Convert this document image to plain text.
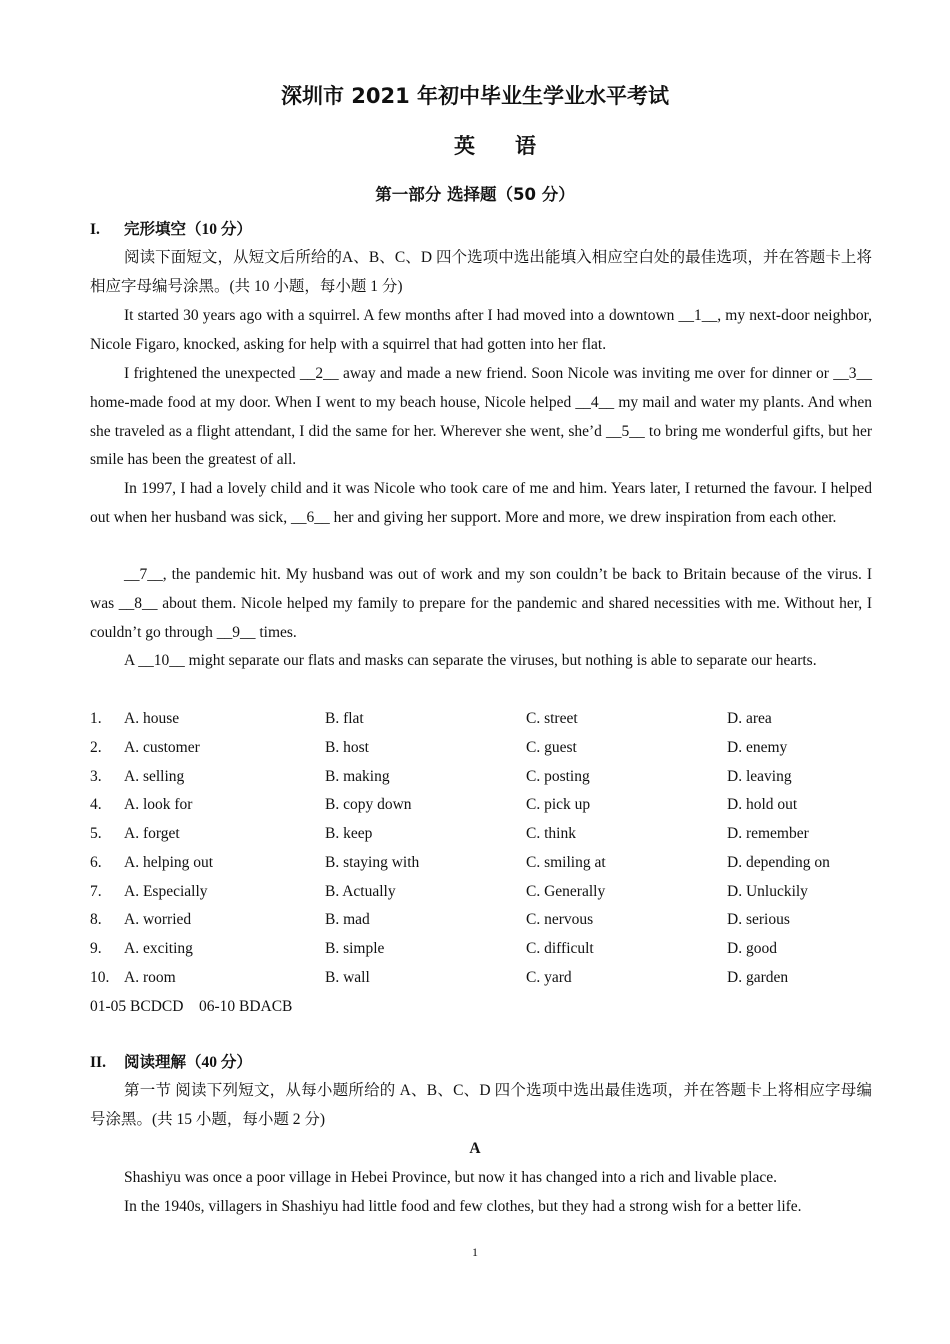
深圳市 2021 年初中毕业生学业水平考试
英语
第一部分 选择题（50 分）
I. 完形填空（10 分）
阅读下面短文，从短文后所给的A、B、C、D 四个选项中选出能填入相应空白处的最佳选项，并在答题卡上将相应字母编号涂黑。(共 10 小题，每小题 1 分)
It started 30 years ago with a squirrel. A few months after I had moved into a downtown __1__, my next-door neighbor, Nicole Figaro, knocked, asking for help with a squirrel that had gotten into her flat.
I frightened the unexpected __2__ away and made a new friend. Soon Nicole was inviting me over for dinner or __3__ home-made food at my door. When I went to my beach house, Nicole helped __4__ my mail and water my plants. And when she traveled as a flight attendant, I did the same for her. Wherever she went, she’d __5__ to bring me wonderful gifts, but her smile has been the greatest of all.
In 1997, I had a lovely child and it was Nicole who took care of me and him. Years later, I returned the favour. I helped out when her husband was sick, __6__ her and giving her support. More and more, we drew inspiration from each other.
__7__, the pandemic hit. My husband was out of work and my son couldn’t be back to Britain because of the virus. I was __8__ about them. Nicole helped my family to prepare for the pandemic and shared necessities with me. Without her, I couldn’t go through __9__ times.
A __10__ might separate our flats and masks can separate the viruses, but nothing is able to separate our hearts.
1. A. house	B. flat	C. street	D. area
2. A. customer	B. host	C. guest	D. enemy
3. A. selling	B. making	C. posting	D. leaving
4. A. look for	B. copy down	C. pick up	D. hold out
5. A. forget	B. keep	C. think	D. remember
6. A. helping out	B. staying with	C. smiling at	D. depending on
7. A. Especially	B. Actually	C. Generally	D. Unluckily
8. A. worried	B. mad	C. nervous	D. serious
9. A. exciting	B. simple	C. difficult	D. good
10. A. room	B. wall	C. yard	D. garden
01-05 BCDCD    06-10 BDACB
II. 阅读理解（40 分）
第一节 阅读下列短文，从每小题所给的 A、B、C、D 四个选项中选出最佳选项，并在答题卡上将相应字母编号涂黑。(共 15 小题，每小题 2 分)
A
Shashiyu was once a poor village in Hebei Province, but now it has changed into a rich and livable place.
In the 1940s, villagers in Shashiyu had little food and few clothes, but they had a strong wish for a better life.
1
